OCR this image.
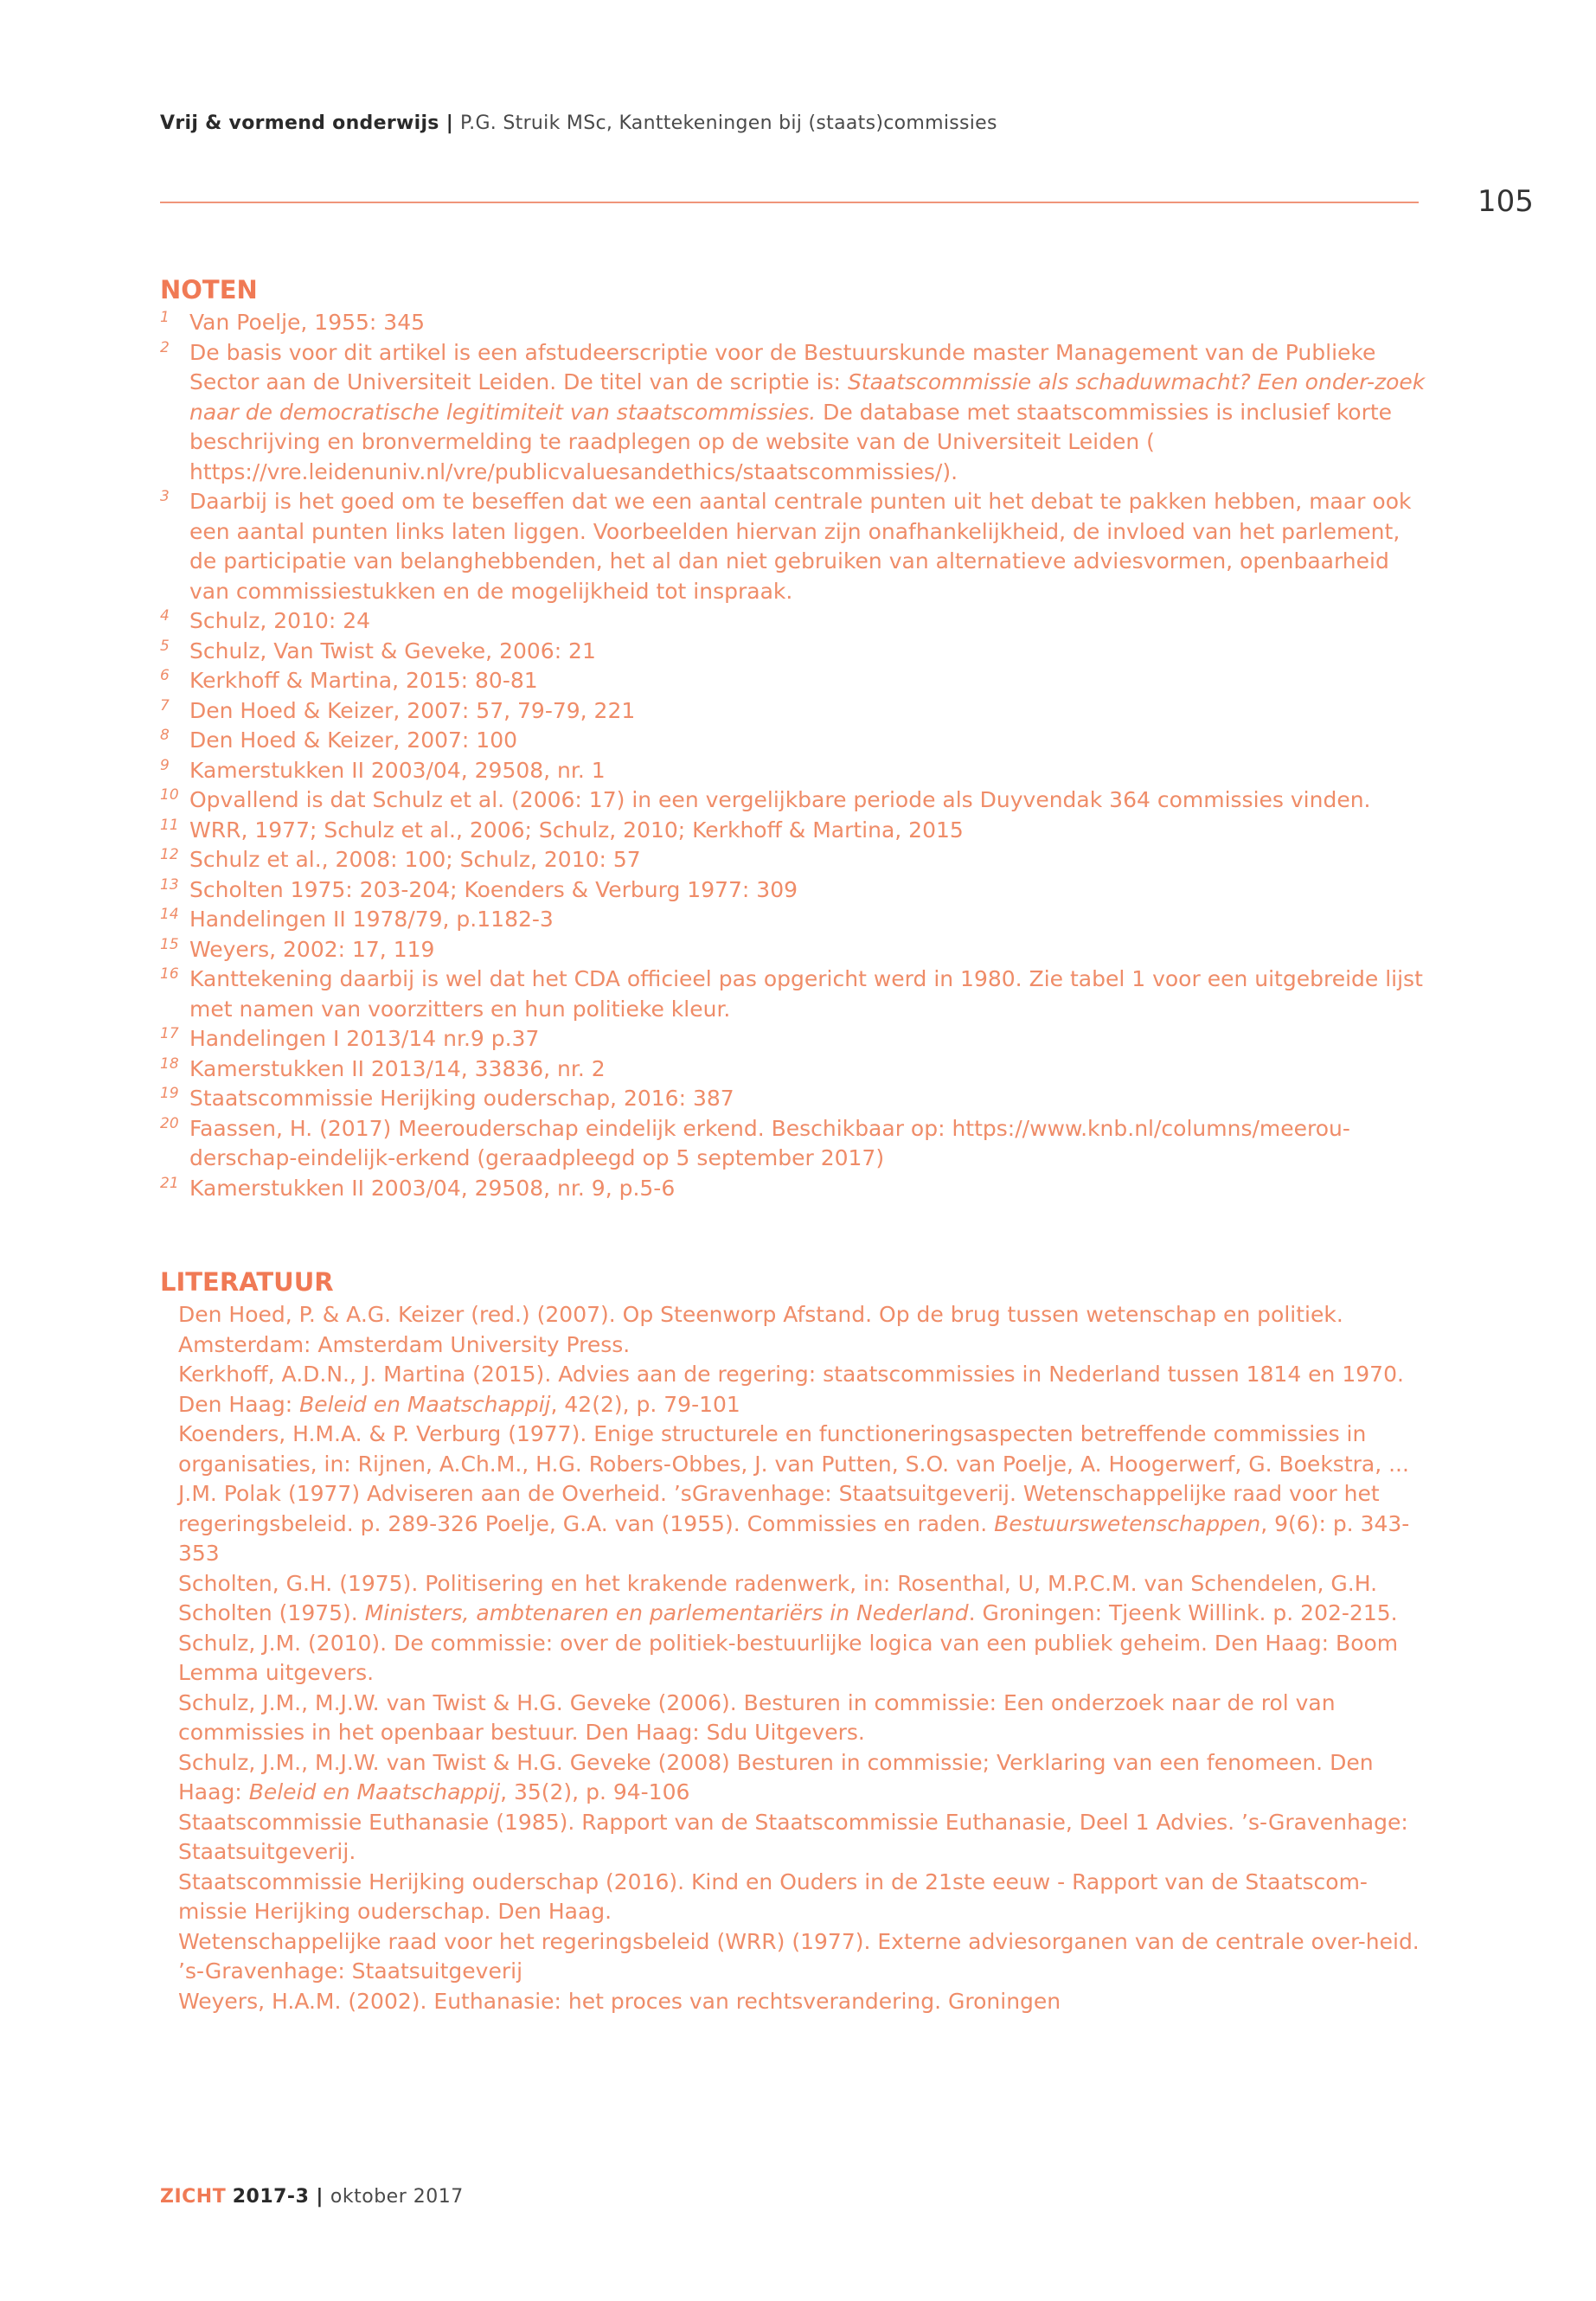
Vrij & vormend onderwijs | P.G. Struik MSc, Kanttekeningen bij (staats)commissies
105
NOTEN
1 Van Poelje, 1955: 345
2 De basis voor dit artikel is een afstudeerscriptie voor de Bestuurskunde master Management van de Publieke Sector aan de Universiteit Leiden. De titel van de scriptie is: Staatscommissie als schaduwmacht? Een onder-zoek naar de democratische legitimiteit van staatscommissies. De database met staatscommissies is inclusief korte beschrijving en bronvermelding te raadplegen op de website van de Universiteit Leiden ( https://vre.leidenuniv.nl/vre/publicvaluesandethics/staatscommissies/).
3 Daarbij is het goed om te beseffen dat we een aantal centrale punten uit het debat te pakken hebben, maar ook een aantal punten links laten liggen. Voorbeelden hiervan zijn onafhankelijkheid, de invloed van het parlement, de participatie van belanghebbenden, het al dan niet gebruiken van alternatieve adviesvormen, openbaarheid van commissiestukken en de mogelijkheid tot inspraak.
4 Schulz, 2010: 24
5 Schulz, Van Twist & Geveke, 2006: 21
6 Kerkhoff & Martina, 2015: 80-81
7 Den Hoed & Keizer, 2007: 57, 79-79, 221
8 Den Hoed & Keizer, 2007: 100
9 Kamerstukken II 2003/04, 29508, nr. 1
10 Opvallend is dat Schulz et al. (2006: 17) in een vergelijkbare periode als Duyvendak 364 commissies vinden.
11 WRR, 1977; Schulz et al., 2006; Schulz, 2010; Kerkhoff & Martina, 2015
12 Schulz et al., 2008: 100; Schulz, 2010: 57
13 Scholten 1975: 203-204; Koenders & Verburg 1977: 309
14 Handelingen II 1978/79, p.1182-3
15 Weyers, 2002: 17, 119
16 Kanttekening daarbij is wel dat het CDA officieel pas opgericht werd in 1980. Zie tabel 1 voor een uitgebreide lijst met namen van voorzitters en hun politieke kleur.
17 Handelingen I 2013/14 nr.9 p.37
18 Kamerstukken II 2013/14, 33836, nr. 2
19 Staatscommissie Herijking ouderschap, 2016: 387
20 Faassen, H. (2017) Meerouderschap eindelijk erkend. Beschikbaar op: https://www.knb.nl/columns/meerou-derschap-eindelijk-erkend (geraadpleegd op 5 september 2017)
21 Kamerstukken II 2003/04, 29508, nr. 9, p.5-6
LITERATUUR
Den Hoed, P. & A.G. Keizer (red.) (2007). Op Steenworp Afstand. Op de brug tussen wetenschap en politiek. Amsterdam: Amsterdam University Press.
Kerkhoff, A.D.N., J. Martina (2015). Advies aan de regering: staatscommissies in Nederland tussen 1814 en 1970. Den Haag: Beleid en Maatschappij, 42(2), p. 79-101
Koenders, H.M.A. & P. Verburg (1977). Enige structurele en functioneringsaspecten betreffende commissies in organisaties, in: Rijnen, A.Ch.M., H.G. Robers-Obbes, J. van Putten, S.O. van Poelje, A. Hoogerwerf, G. Boekstra, ... J.M. Polak (1977) Adviseren aan de Overheid. ’sGravenhage: Staatsuitgeverij. Wetenschappelijke raad voor het regeringsbeleid. p. 289-326 Poelje, G.A. van (1955). Commissies en raden. Bestuurswetenschappen, 9(6): p. 343-353
Scholten, G.H. (1975). Politisering en het krakende radenwerk, in: Rosenthal, U, M.P.C.M. van Schendelen, G.H. Scholten (1975). Ministers, ambtenaren en parlementariërs in Nederland. Groningen: Tjeenk Willink. p. 202-215.
Schulz, J.M. (2010). De commissie: over de politiek-bestuurlijke logica van een publiek geheim. Den Haag: Boom Lemma uitgevers.
Schulz, J.M., M.J.W. van Twist & H.G. Geveke (2006). Besturen in commissie: Een onderzoek naar de rol van commissies in het openbaar bestuur. Den Haag: Sdu Uitgevers.
Schulz, J.M., M.J.W. van Twist & H.G. Geveke (2008) Besturen in commissie; Verklaring van een fenomeen. Den Haag: Beleid en Maatschappij, 35(2), p. 94-106
Staatscommissie Euthanasie (1985). Rapport van de Staatscommissie Euthanasie, Deel 1 Advies. ’s-Gravenhage: Staatsuitgeverij.
Staatscommissie Herijking ouderschap (2016). Kind en Ouders in de 21ste eeuw - Rapport van de Staatscom-missie Herijking ouderschap. Den Haag.
Wetenschappelijke raad voor het regeringsbeleid (WRR) (1977). Externe adviesorganen van de centrale over-heid. ’s-Gravenhage: Staatsuitgeverij
Weyers, H.A.M. (2002). Euthanasie: het proces van rechtsverandering. Groningen
ZICHT 2017-3 | oktober 2017
